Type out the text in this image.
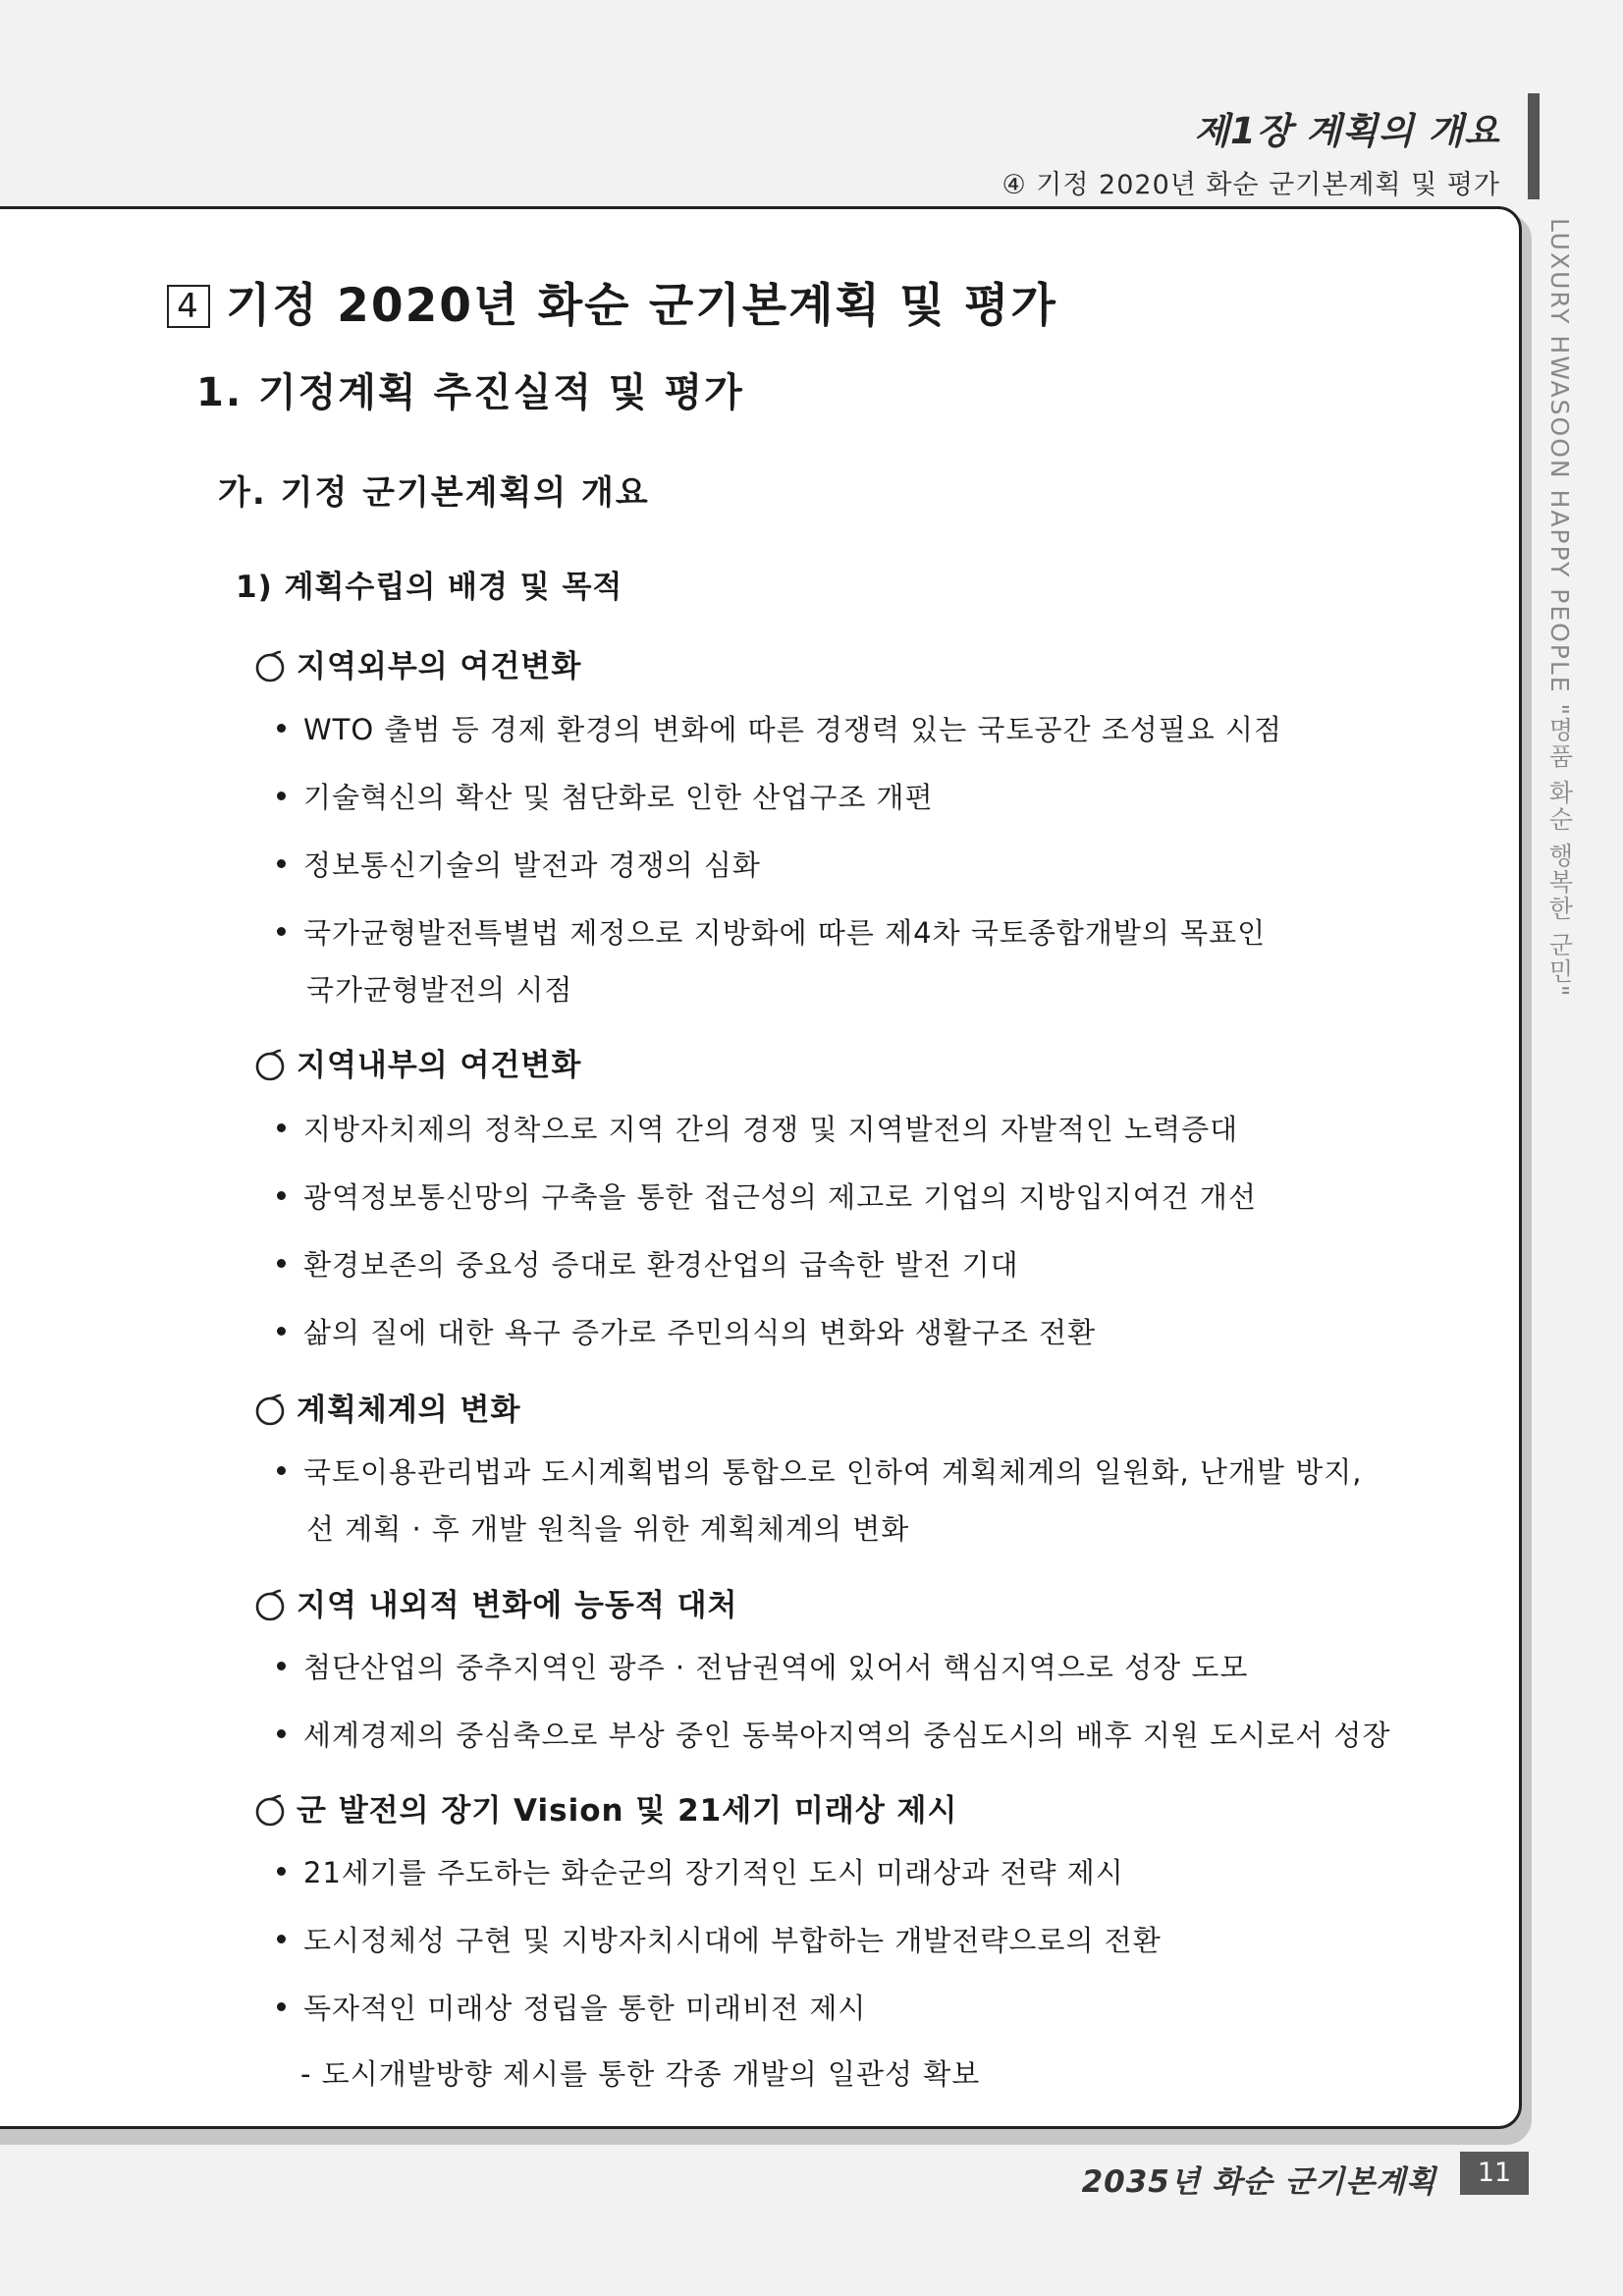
제1장 계획의 개요
④ 기정 2020년 화순 군기본계획 및 평가
LUXURY HWASOON HAPPY PEOPLE "명품 화순 행복한 군민"
4 기정 2020년 화순 군기본계획 및 평가
1. 기정계획 추진실적 및 평가
가. 기정 군기본계획의 개요
1) 계획수립의 배경 및 목적
지역외부의 여건변화
WTO 출범 등 경제 환경의 변화에 따른 경쟁력 있는 국토공간 조성필요 시점
기술혁신의 확산 및 첨단화로 인한 산업구조 개편
정보통신기술의 발전과 경쟁의 심화
국가균형발전특별법 제정으로 지방화에 따른 제4차 국토종합개발의 목표인
국가균형발전의 시점
지역내부의 여건변화
지방자치제의 정착으로 지역 간의 경쟁 및 지역발전의 자발적인 노력증대
광역정보통신망의 구축을 통한 접근성의 제고로 기업의 지방입지여건 개선
환경보존의 중요성 증대로 환경산업의 급속한 발전 기대
삶의 질에 대한 욕구 증가로 주민의식의 변화와 생활구조 전환
계획체계의 변화
국토이용관리법과 도시계획법의 통합으로 인하여 계획체계의 일원화, 난개발 방지,
선 계획 · 후 개발 원칙을 위한 계획체계의 변화
지역 내외적 변화에 능동적 대처
첨단산업의 중추지역인 광주 · 전남권역에 있어서 핵심지역으로 성장 도모
세계경제의 중심축으로 부상 중인 동북아지역의 중심도시의 배후 지원 도시로서 성장
군 발전의 장기 Vision 및 21세기 미래상 제시
21세기를 주도하는 화순군의 장기적인 도시 미래상과 전략 제시
도시정체성 구현 및 지방자치시대에 부합하는 개발전략으로의 전환
독자적인 미래상 정립을 통한 미래비전 제시
- 도시개발방향 제시를 통한 각종 개발의 일관성 확보
2035년 화순 군기본계획	11
